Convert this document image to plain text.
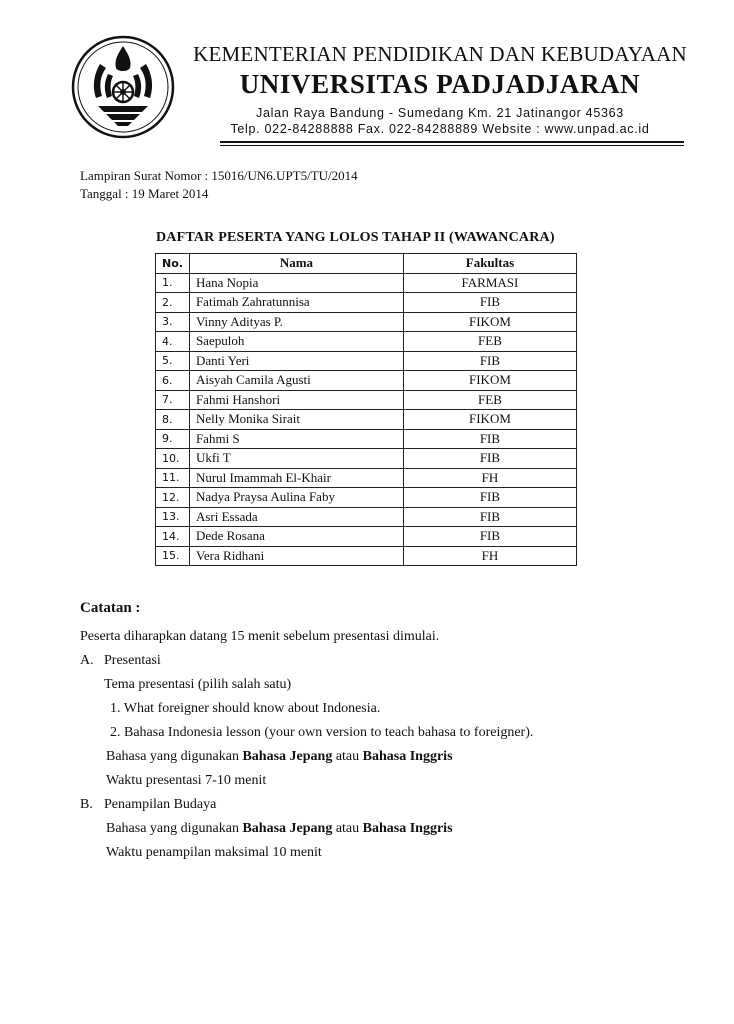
KEMENTERIAN PENDIDIKAN DAN KEBUDAYAAN
UNIVERSITAS PADJADJARAN
Jalan Raya Bandung - Sumedang Km. 21 Jatinangor 45363
Telp. 022-84288888 Fax. 022-84288889 Website : www.unpad.ac.id
Lampiran Surat Nomor : 15016/UN6.UPT5/TU/2014
Tanggal : 19 Maret 2014
DAFTAR PESERTA YANG LOLOS TAHAP II (WAWANCARA)
No.	Nama	Fakultas
1.	Hana Nopia	FARMASI
2.	Fatimah Zahratunnisa	FIB
3.	Vinny Adityas P.	FIKOM
4.	Saepuloh	FEB
5.	Danti Yeri	FIB
6.	Aisyah Camila Agusti	FIKOM
7.	Fahmi Hanshori	FEB
8.	Nelly Monika Sirait	FIKOM
9.	Fahmi S	FIB
10.	Ukfi T	FIB
11.	Nurul Imammah El-Khair	FH
12.	Nadya Praysa Aulina Faby	FIB
13.	Asri Essada	FIB
14.	Dede Rosana	FIB
15.	Vera Ridhani	FH
Catatan :
Peserta diharapkan datang 15 menit sebelum presentasi dimulai.
A. Presentasi
Tema presentasi (pilih salah satu)
1. What foreigner should know about Indonesia.
2. Bahasa Indonesia lesson (your own version to teach bahasa to foreigner).
Bahasa yang digunakan Bahasa Jepang atau Bahasa Inggris
Waktu presentasi 7-10 menit
B. Penampilan Budaya
Bahasa yang digunakan Bahasa Jepang atau Bahasa Inggris
Waktu penampilan maksimal 10 menit
